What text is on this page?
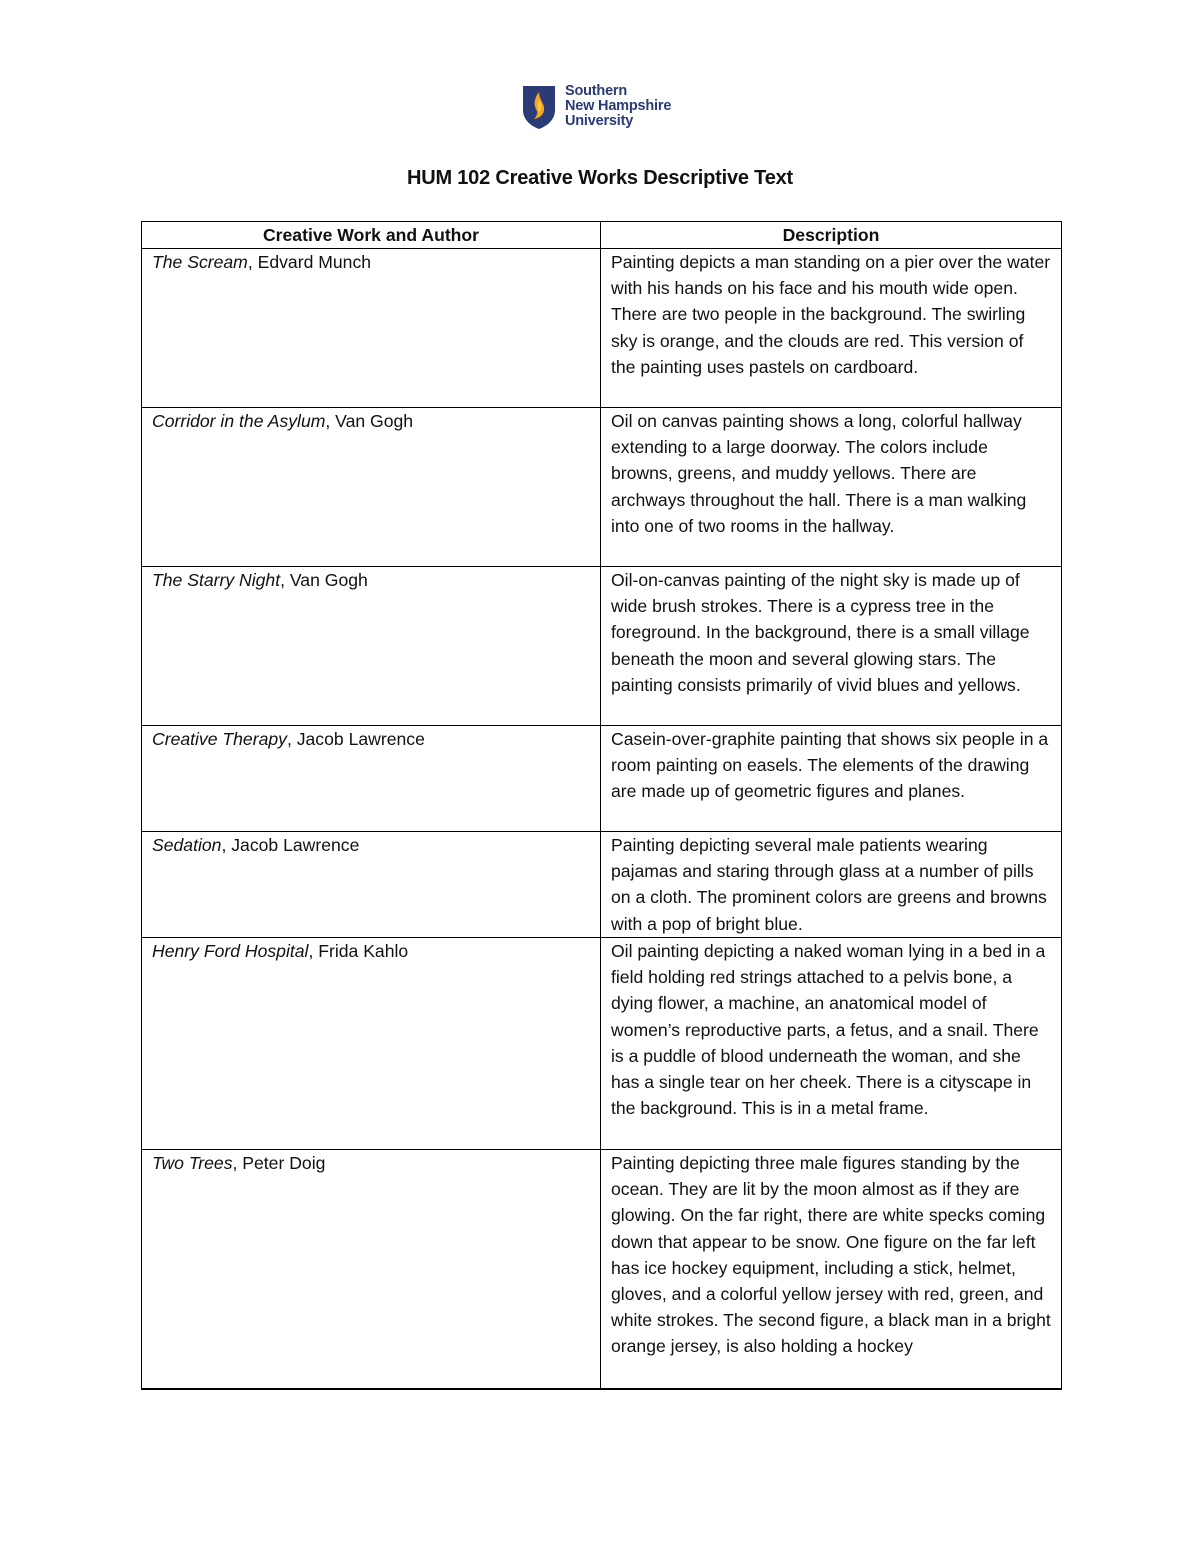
Southern
New Hampshire
University
HUM 102 Creative Works Descriptive Text
Creative Work and Author	Description
The Scream, Edvard Munch	Painting depicts a man standing on a pier over the water with his hands on his face and his mouth wide open. There are two people in the background. The swirling sky is orange, and the clouds are red. This version of the painting uses pastels on cardboard.
Corridor in the Asylum, Van Gogh	Oil on canvas painting shows a long, colorful hallway extending to a large doorway. The colors include browns, greens, and muddy yellows. There are archways throughout the hall. There is a man walking into one of two rooms in the hallway.
The Starry Night, Van Gogh	Oil-on-canvas painting of the night sky is made up of wide brush strokes. There is a cypress tree in the foreground. In the background, there is a small village beneath the moon and several glowing stars. The painting consists primarily of vivid blues and yellows.
Creative Therapy, Jacob Lawrence	Casein-over-graphite painting that shows six people in a room painting on easels. The elements of the drawing are made up of geometric figures and planes.
Sedation, Jacob Lawrence	Painting depicting several male patients wearing pajamas and staring through glass at a number of pills on a cloth. The prominent colors are greens and browns with a pop of bright blue.
Henry Ford Hospital, Frida Kahlo	Oil painting depicting a naked woman lying in a bed in a field holding red strings attached to a pelvis bone, a dying flower, a machine, an anatomical model of women’s reproductive parts, a fetus, and a snail. There is a puddle of blood underneath the woman, and she has a single tear on her cheek. There is a cityscape in the background. This is in a metal frame.
Two Trees, Peter Doig	Painting depicting three male figures standing by the ocean. They are lit by the moon almost as if they are glowing. On the far right, there are white specks coming down that appear to be snow. One figure on the far left has ice hockey equipment, including a stick, helmet, gloves, and a colorful yellow jersey with red, green, and white strokes. The second figure, a black man in a bright orange jersey, is also holding a hockey
